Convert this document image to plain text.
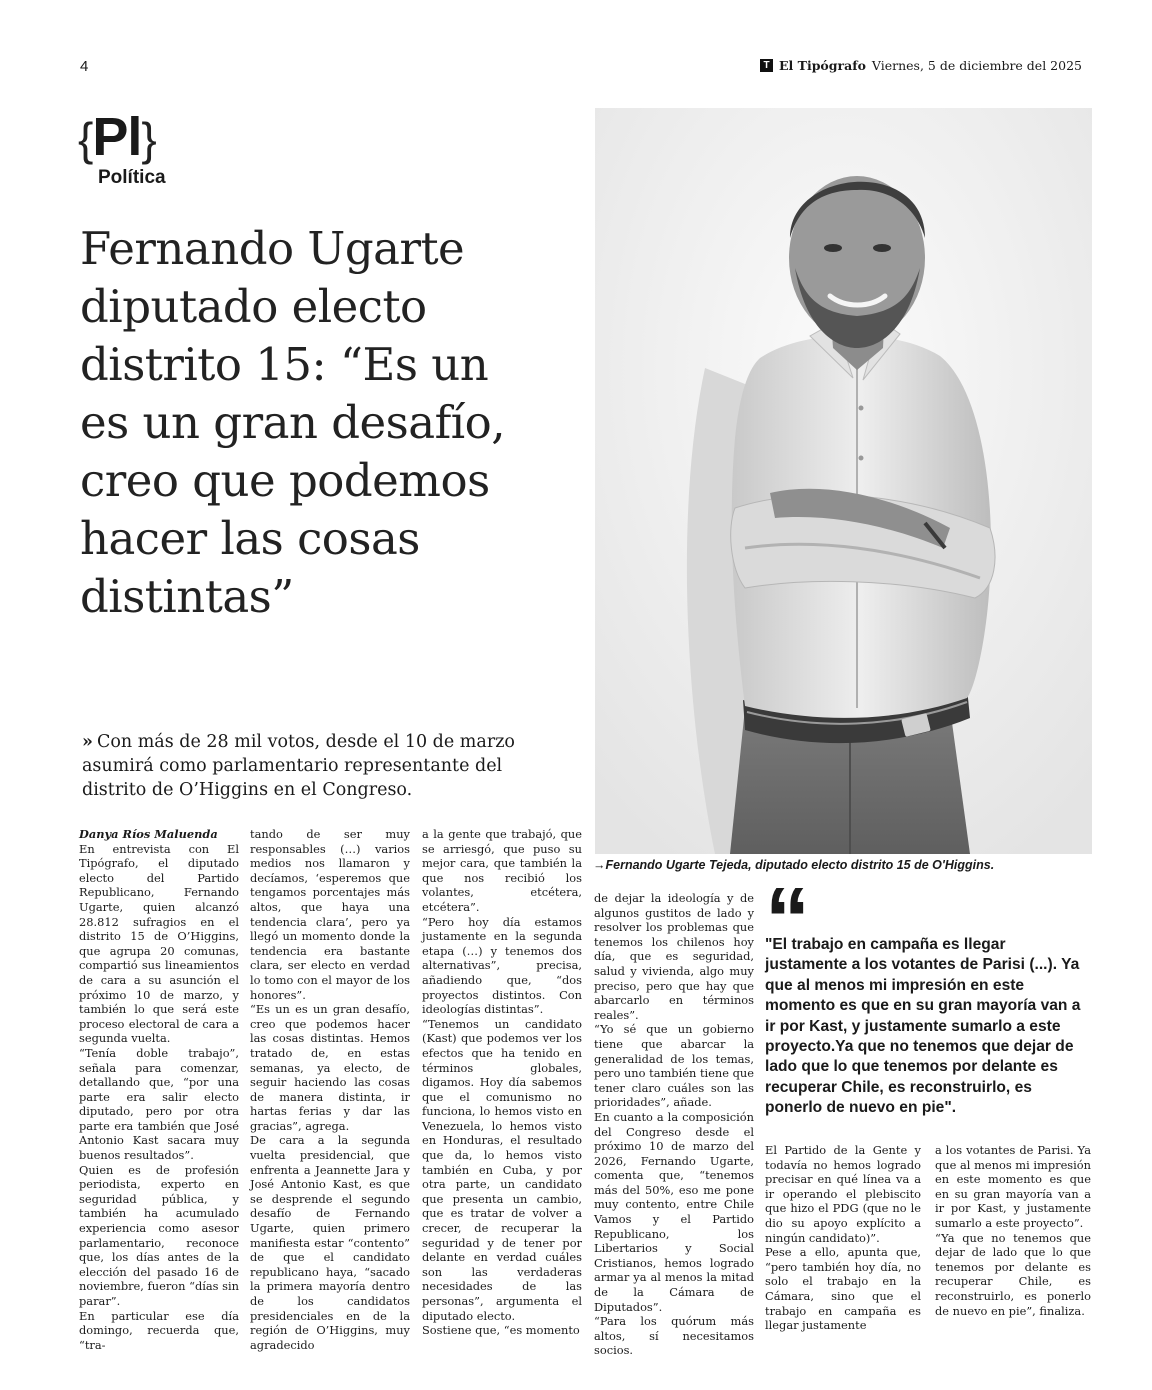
4	T El Tipógrafo Viernes, 5 de diciembre del 2025
{Pl}
Política
Fernando Ugarte diputado electo distrito 15: “Es un es un gran desafío, creo que podemos hacer las cosas distintas”
→Fernando Ugarte Tejeda, diputado electo distrito 15 de O'Higgins.
» Con más de 28 mil votos, desde el 10 de marzo asumirá como parlamentario representante del distrito de O’Higgins en el Congreso.

Danya Ríos Maluenda

En entrevista con El Tipógrafo, el diputado electo del Partido Republicano, Fernando Ugarte, quien alcanzó 28.812 sufragios en el distrito 15 de O’Higgins, que agrupa 20 comunas, compartió sus lineamientos de cara a su asunción el próximo 10 de marzo, y también lo que será este proceso electoral de cara a segunda vuelta.

“Tenía doble trabajo”, señala para comenzar, detallando que, “por una parte era salir electo diputado, pero por otra parte era también que José Antonio Kast sacara muy buenos resultados”.

Quien es de profesión periodista, experto en seguridad pública, y también ha acumulado experiencia como asesor parlamentario, reconoce que, los días antes de la elección del pasado 16 de noviembre, fueron “días sin parar”.

En particular ese día domingo, recuerda que, “tra-

tando de ser muy responsables (…) varios medios nos llamaron y decíamos, ‘esperemos que tengamos porcentajes más altos, que haya una tendencia clara’, pero ya llegó un momento donde la tendencia era bastante clara, ser electo en verdad lo tomo con el mayor de los honores”.

“Es un es un gran desafío, creo que podemos hacer las cosas distintas. Hemos tratado de, en estas semanas, ya electo, de seguir haciendo las cosas de manera distinta, ir hartas ferias y dar las gracias”, agrega.

De cara a la segunda vuelta presidencial, que enfrenta a Jeannette Jara y José Antonio Kast, es que se desprende el segundo desafío de Fernando Ugarte, quien primero manifiesta estar “contento” de que el candidato republicano haya, “sacado la primera mayoría dentro de los candidatos presidenciales en de la región de O’Higgins, muy agradecido

a la gente que trabajó, que se arriesgó, que puso su mejor cara, que también la que nos recibió los volantes, etcétera, etcétera”.

“Pero hoy día estamos justamente en la segunda etapa (…) y tenemos dos alternativas”, precisa, añadiendo que, “dos proyectos distintos. Con ideologías distintas”.

“Tenemos un candidato (Kast) que podemos ver los efectos que ha tenido en términos globales, digamos. Hoy día sabemos que el comunismo no funciona, lo hemos visto en Venezuela, lo hemos visto en Honduras, el resultado que da, lo hemos visto también en Cuba, y por otra parte, un candidato que presenta un cambio, que es tratar de volver a crecer, de recuperar la seguridad y de tener por delante en verdad cuáles son las verdaderas necesidades de las personas”, argumenta el diputado electo.

Sostiene que, “es momento

de dejar la ideología y de algunos gustitos de lado y resolver los problemas que tenemos los chilenos hoy día, que es seguridad, salud y vivienda, algo muy preciso, pero que hay que abarcarlo en términos reales”.

“Yo sé que un gobierno tiene que abarcar la generalidad de los temas, pero uno también tiene que tener claro cuáles son las prioridades”, añade.

En cuanto a la composición del Congreso desde el próximo 10 de marzo del 2026, Fernando Ugarte, comenta que, “tenemos más del 50%, eso me pone muy contento, entre Chile Vamos y el Partido Republicano, los Libertarios y Social Cristianos, hemos logrado armar ya al menos la mitad de la Cámara de Diputados”.

“Para los quórum más altos, sí necesitamos socios.

“
"El trabajo en campaña es llegar justamente a los votantes de Parisi (...). Ya que al menos mi impresión en este momento es que en su gran mayoría van a ir por Kast, y justamente sumarlo a este proyecto.Ya que no tenemos que dejar de lado que lo que tenemos por delante es recuperar Chile, es reconstruirlo, es ponerlo de nuevo en pie".

El Partido de la Gente y todavía no hemos logrado precisar en qué línea va a ir operando el plebiscito que hizo el PDG (que no le dio su apoyo explícito a ningún candidato)”.

Pese a ello, apunta que, “pero también hoy día, no solo el trabajo en la Cámara, sino que el trabajo en campaña es llegar justamente

a los votantes de Parisi. Ya que al menos mi impresión en este momento es que en su gran mayoría van a ir por Kast, y justamente sumarlo a este proyecto”.

“Ya que no tenemos que dejar de lado que lo que tenemos por delante es recuperar Chile, es reconstruirlo, es ponerlo de nuevo en pie”, finaliza.
